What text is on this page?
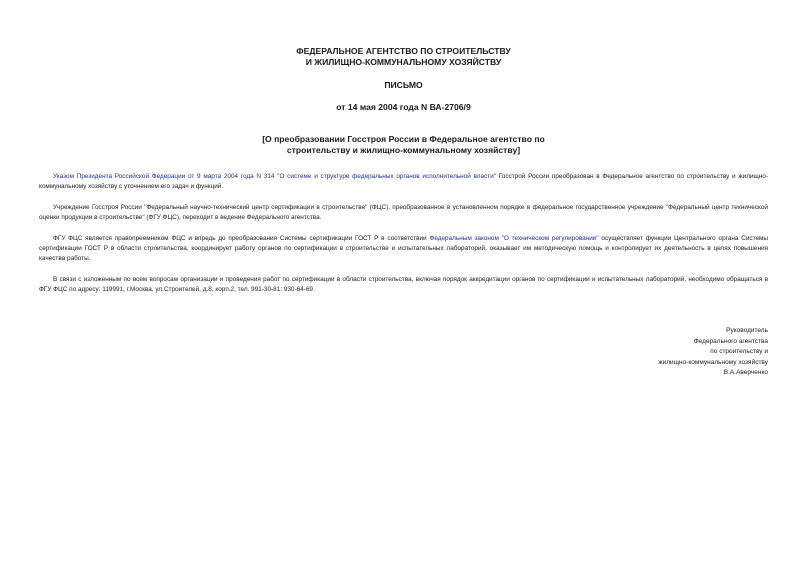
ФЕДЕРАЛЬНОЕ АГЕНТСТВО ПО СТРОИТЕЛЬСТВУ
И ЖИЛИЩНО-КОММУНАЛЬНОМУ ХОЗЯЙСТВУ
ПИСЬМО
от 14 мая 2004 года N ВА-2706/9
[О преобразовании Госстроя России в Федеральное агентство по
строительству и жилищно-коммунальному хозяйству]

Указом Президента Российской Федерации от 9 марта 2004 года N 314 "О системе и структуре федеральных органов исполнительной власти" Госстрой России преобразован в Федеральное агентство по строительству и жилищно-коммунальному хозяйству с уточнением его задач и функций.

Учреждение Госстроя России "Федеральный научно-технический центр сертификации в строительстве" (ФЦС), преобразованное в установленном порядке в федеральное государственное учреждение "Федеральный центр технической оценки продукции в строительстве" (ФГУ ФЦС), переходит в ведение Федерального агентства.

ФГУ ФЦС является правопреемником ФЦС и впредь до преобразования Системы сертификации ГОСТ Р в соответствии Федеральным законом "О техническом регулировании" осуществляет функции Центрального органа Системы сертификации ГОСТ Р в области строительства, координирует работу органов по сертификации в строительстве и испытательных лабораторий, оказывает им методическую помощь и контролирует их деятельность в целях повышения качества работы.

В связи с изложенным по всем вопросам организации и проведения работ по сертификации в области строительства, включая порядок аккредитации органов по сертификации и испытательных лабораторий, необходимо обращаться в ФГУ ФЦС по адресу: 119991, г.Москва, ул.Строителей, д.8, корп.2, тел. 991-30-81; 930-64-69.

Руководитель
Федерального агентства
по строительству и
жилищно-коммунальному хозяйству
В.А.Аверченко
